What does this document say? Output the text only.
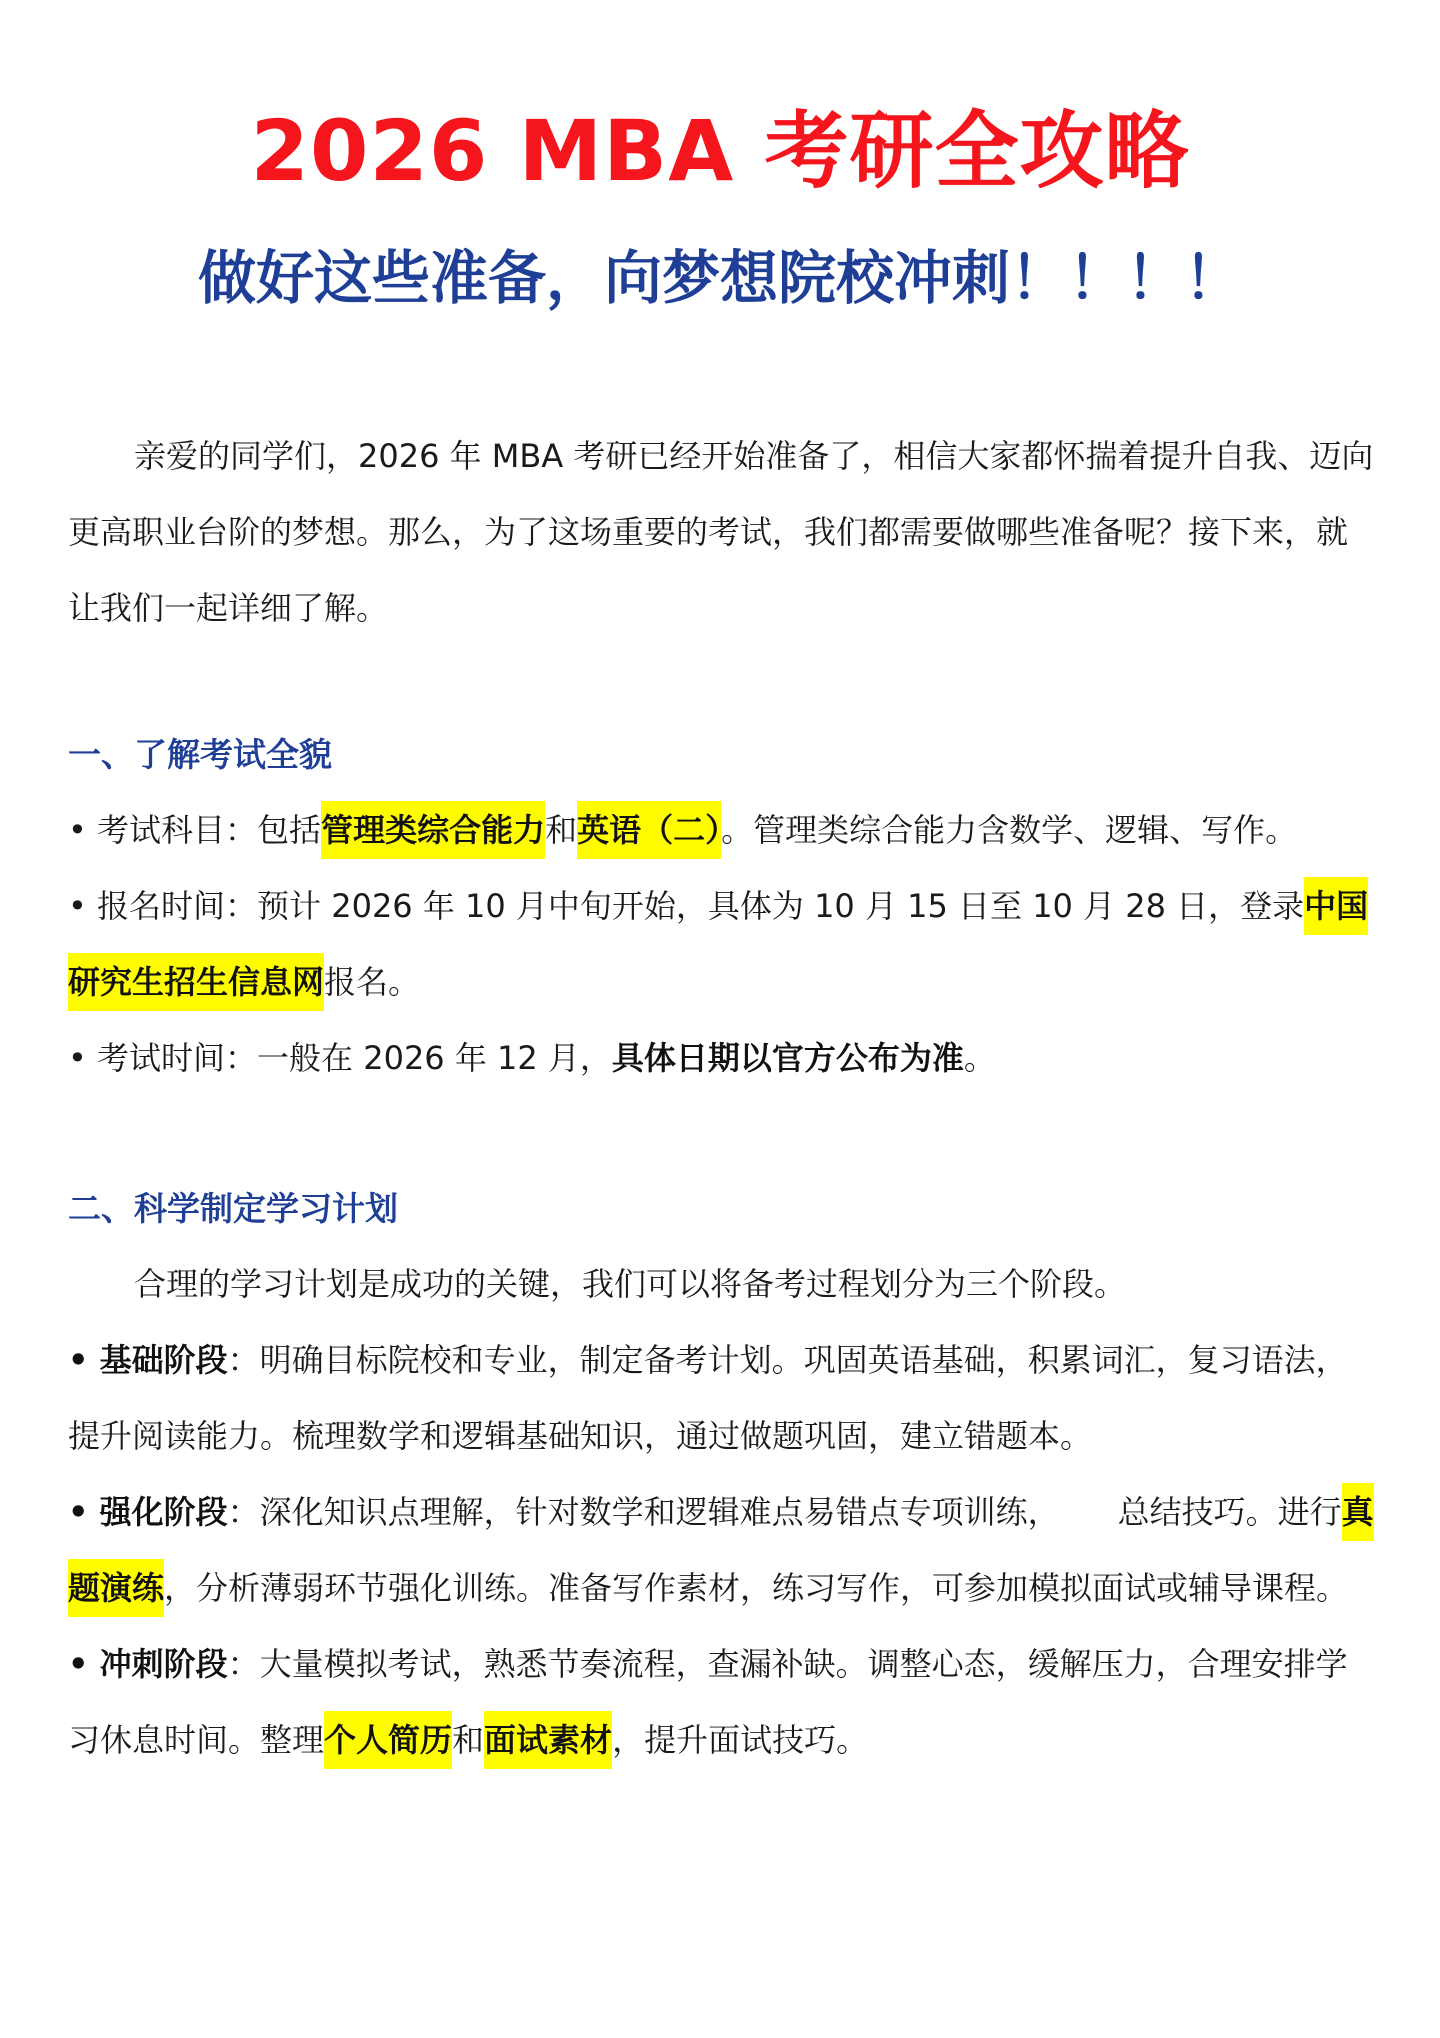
2026 MBA 考研全攻略
做好这些准备，向梦想院校冲刺！！！！

亲爱的同学们，2026 年 MBA 考研已经开始准备了，相信大家都怀揣着提升自我、迈向更高职业台阶的梦想。那么，为了这场重要的考试，我们都需要做哪些准备呢？接下来，就让我们一起详细了解。

一、了解考试全貌

• 考试科目：包括管理类综合能力和英语（二）。管理类综合能力含数学、逻辑、写作。

• 报名时间：预计 2026 年 10 月中旬开始，具体为 10 月 15 日至 10 月 28 日，登录中国研究生招生信息网报名。

• 考试时间：一般在 2026 年 12 月，具体日期以官方公布为准。

二、科学制定学习计划

合理的学习计划是成功的关键，我们可以将备考过程划分为三个阶段。

• 基础阶段：明确目标院校和专业，制定备考计划。巩固英语基础，积累词汇，复习语法，提升阅读能力。梳理数学和逻辑基础知识，通过做题巩固，建立错题本。

• 强化阶段：深化知识点理解，针对数学和逻辑难点易错点专项训练， 总结技巧。进行真题演练，分析薄弱环节强化训练。准备写作素材，练习写作，可参加模拟面试或辅导课程。

• 冲刺阶段：大量模拟考试，熟悉节奏流程，查漏补缺。调整心态，缓解压力，合理安排学习休息时间。整理个人简历和面试素材，提升面试技巧。
